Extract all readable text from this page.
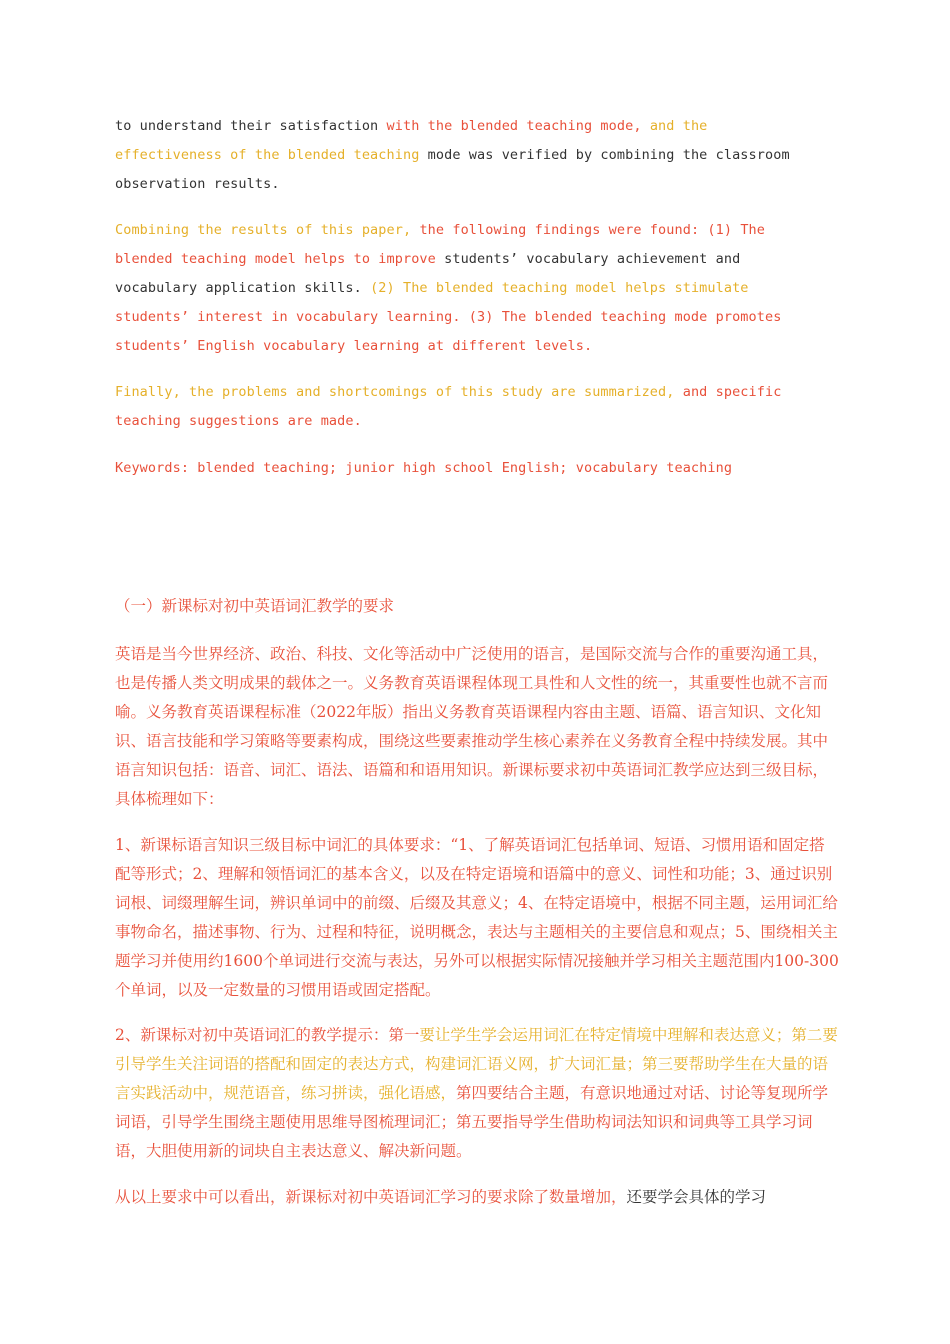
to understand their satisfaction with the blended teaching mode, and the effectiveness of the blended teaching mode was verified by combining the classroom observation results.

Combining the results of this paper, the following findings were found: (1) The blended teaching model helps to improve students’ vocabulary achievement and vocabulary application skills. (2) The blended teaching model helps stimulate students’ interest in vocabulary learning. (3) The blended teaching mode promotes students’ English vocabulary learning at different levels.

Finally, the problems and shortcomings of this study are summarized, and specific teaching suggestions are made.

Keywords: blended teaching; junior high school English; vocabulary teaching

（一）新课标对初中英语词汇教学的要求

英语是当今世界经济、政治、科技、文化等活动中广泛使用的语言，是国际交流与合作的重要沟通工具，也是传播人类文明成果的载体之一。义务教育英语课程体现工具性和人文性的统一，其重要性也就不言而喻。义务教育英语课程标准（2022年版）指出义务教育英语课程内容由主题、语篇、语言知识、文化知识、语言技能和学习策略等要素构成，围绕这些要素推动学生核心素养在义务教育全程中持续发展。其中语言知识包括：语音、词汇、语法、语篇和和语用知识。新课标要求初中英语词汇教学应达到三级目标，具体梳理如下：

1、新课标语言知识三级目标中词汇的具体要求：“1、了解英语词汇包括单词、短语、习惯用语和固定搭配等形式；2、理解和领悟词汇的基本含义，以及在特定语境和语篇中的意义、词性和功能；3、通过识别词根、词缀理解生词，辨识单词中的前缀、后缀及其意义；4、在特定语境中，根据不同主题，运用词汇给事物命名，描述事物、行为、过程和特征，说明概念，表达与主题相关的主要信息和观点；5、围绕相关主题学习并使用约1600个单词进行交流与表达，另外可以根据实际情况接触并学习相关主题范围内100-300个单词，以及一定数量的习惯用语或固定搭配。

2、新课标对初中英语词汇的教学提示：第一要让学生学会运用词汇在特定情境中理解和表达意义；第二要引导学生关注词语的搭配和固定的表达方式，构建词汇语义网，扩大词汇量；第三要帮助学生在大量的语言实践活动中，规范语音，练习拼读，强化语感，第四要结合主题，有意识地通过对话、讨论等复现所学词语，引导学生围绕主题使用思维导图梳理词汇；第五要指导学生借助构词法知识和词典等工具学习词语，大胆使用新的词块自主表达意义、解决新问题。

从以上要求中可以看出，新课标对初中英语词汇学习的要求除了数量增加，还要学会具体的学习
